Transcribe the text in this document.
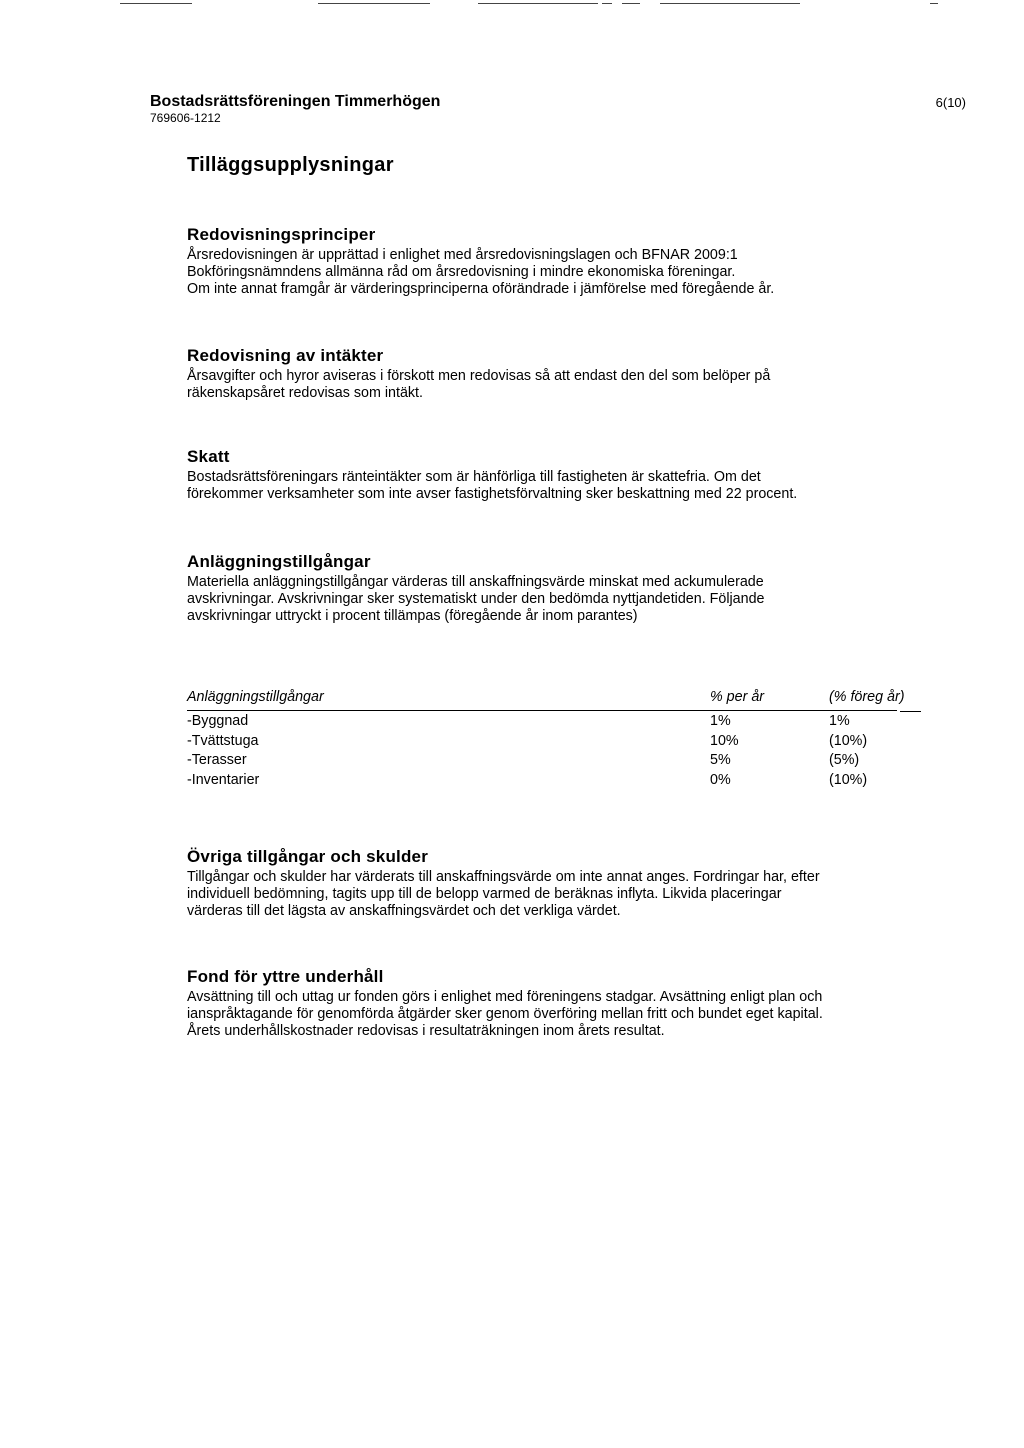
Bostadsrättsföreningen Timmerhögen
769606-1212
6(10)
Tilläggsupplysningar
Redovisningsprinciper

Årsredovisningen är upprättad i enlighet med årsredovisningslagen och BFNAR 2009:1
Bokföringsnämndens allmänna råd om årsredovisning i mindre ekonomiska föreningar.
Om inte annat framgår är värderingsprinciperna oförändrade i jämförelse med föregående år.

Redovisning av intäkter

Årsavgifter och hyror aviseras i förskott men redovisas så att endast den del som belöper på
räkenskapsåret redovisas som intäkt.

Skatt

Bostadsrättsföreningars ränteintäkter som är hänförliga till fastigheten är skattefria. Om det
förekommer verksamheter som inte avser fastighetsförvaltning sker beskattning med 22 procent.

Anläggningstillgångar

Materiella anläggningstillgångar värderas till anskaffningsvärde minskat med ackumulerade
avskrivningar. Avskrivningar sker systematiskt under den bedömda nyttjandetiden. Följande
avskrivningar uttryckt i procent tillämpas (föregående år inom parantes)

Anläggningstillgångar	% per år	(% föreg år)
-Byggnad	1%	1%
-Tvättstuga	10%	(10%)
-Terasser	5%	(5%)
-Inventarier	0%	(10%)
Övriga tillgångar och skulder

Tillgångar och skulder har värderats till anskaffningsvärde om inte annat anges. Fordringar har, efter
individuell bedömning, tagits upp till de belopp varmed de beräknas inflyta. Likvida placeringar
värderas till det lägsta av anskaffningsvärdet och det verkliga värdet.

Fond för yttre underhåll

Avsättning till och uttag ur fonden görs i enlighet med föreningens stadgar. Avsättning enligt plan och
ianspråktagande för genomförda åtgärder sker genom överföring mellan fritt och bundet eget kapital.
Årets underhållskostnader redovisas i resultaträkningen inom årets resultat.
